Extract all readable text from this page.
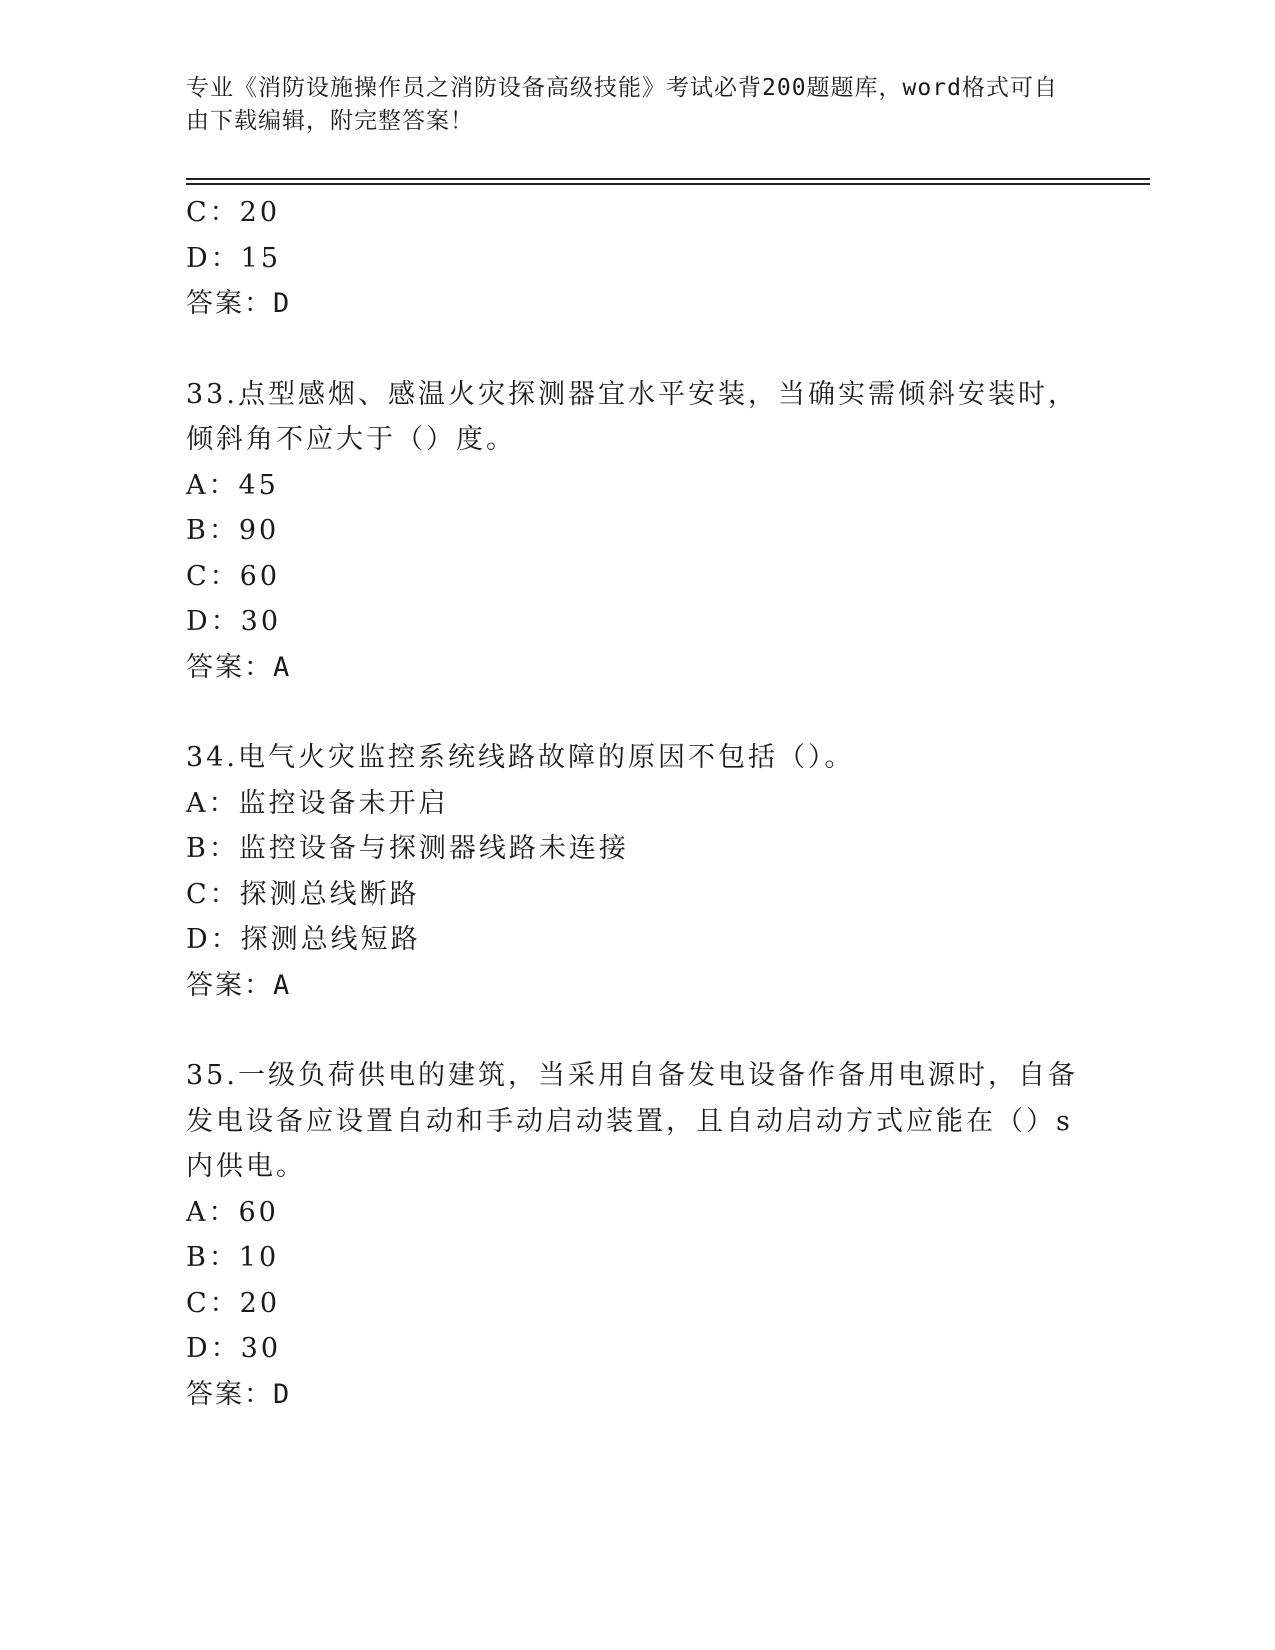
专业《消防设施操作员之消防设备高级技能》考试必背200题题库，word格式可自由下载编辑，附完整答案！
C：20
D：15
答案：D
33.点型感烟、感温火灾探测器宜水平安装，当确实需倾斜安装时，倾斜角不应大于（）度。
A：45
B：90
C：60
D：30
答案：A
34.电气火灾监控系统线路故障的原因不包括（）。
A：监控设备未开启
B：监控设备与探测器线路未连接
C：探测总线断路
D：探测总线短路
答案：A
35.一级负荷供电的建筑，当采用自备发电设备作备用电源时，自备发电设备应设置自动和手动启动装置，且自动启动方式应能在（）s内供电。
A：60
B：10
C：20
D：30
答案：D
